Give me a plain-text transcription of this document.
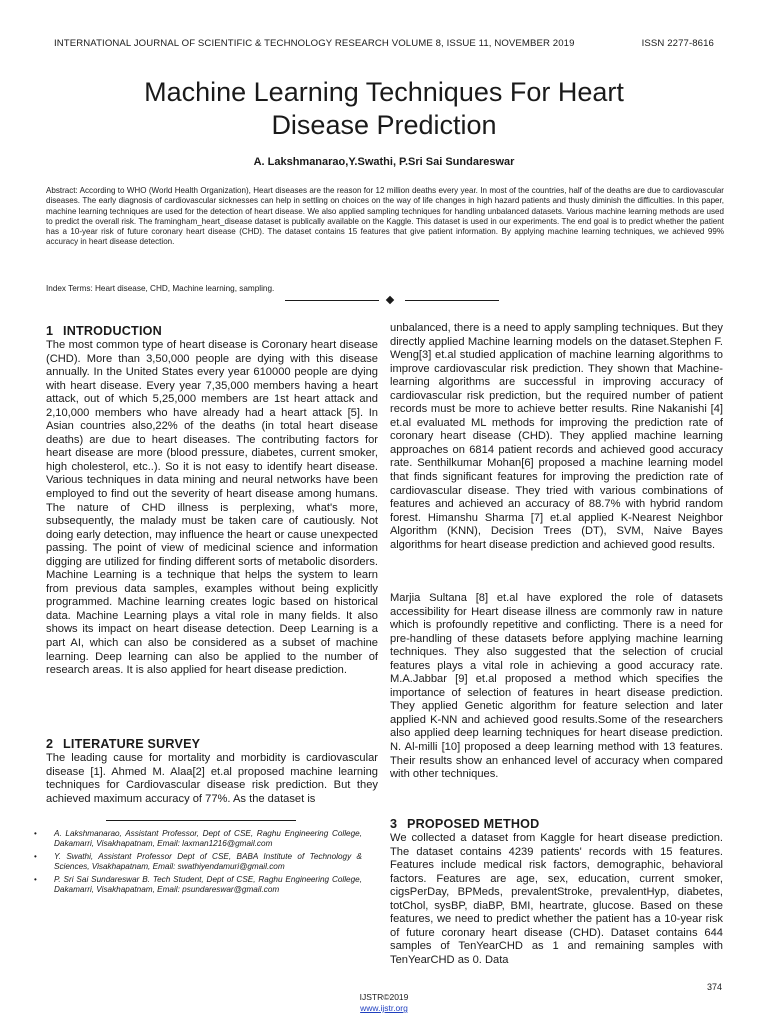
INTERNATIONAL JOURNAL OF SCIENTIFIC & TECHNOLOGY RESEARCH VOLUME 8, ISSUE 11, NOVEMBER 2019	ISSN 2277-8616
Machine Learning Techniques For Heart
Disease Prediction
A. Lakshmanarao,Y.Swathi, P.Sri Sai Sundareswar

Abstract: According to WHO (World Health Organization), Heart diseases are the reason for 12 million deaths every year. In most of the countries, half of the deaths are due to cardiovascular diseases. The early diagnosis of cardiovascular sicknesses can help in settling on choices on the way of life changes in high hazard patients and thusly diminish the difficulties. In this paper, machine learning techniques are used for the detection of heart disease. We also applied sampling techniques for handling unbalanced datasets. Various machine learning methods are used to predict the overall risk. The framingham_heart_disease dataset is publically available on the Kaggle. This dataset is used in our experiments. The end goal is to predict whether the patient has a 10-year risk of future coronary heart disease (CHD). The dataset contains 15 features that give patient information. By applying machine learning techniques, we achieved 99% accuracy in heart disease detection.

Index Terms: Heart disease, CHD, Machine learning, sampling.

1 INTRODUCTION

The most common type of heart disease is Coronary heart disease (CHD). More than 3,50,000 people are dying with this disease annually. In the United States every year 610000 people are dying with heart disease. Every year 7,35,000 members having a heart attack, out of which 5,25,000 members are 1st heart attack and 2,10,000 members who have already had a heart attack [5]. In Asian countries also,22% of the deaths (in total heart disease deaths) are due to heart diseases. The contributing factors for heart disease are more (blood pressure, diabetes, current smoker, high cholesterol, etc..). So it is not easy to identify heart disease. Various techniques in data mining and neural networks have been employed to find out the severity of heart disease among humans. The nature of CHD illness is perplexing, what's more, subsequently, the malady must be taken care of cautiously. Not doing early detection, may influence the heart or cause unexpected passing. The point of view of medicinal science and information digging are utilized for finding different sorts of metabolic disorders. Machine Learning is a technique that helps the system to learn from previous data samples, examples without being explicitly programmed. Machine learning creates logic based on historical data. Machine Learning plays a vital role in many fields. It also shows its impact on heart disease detection. Deep Learning is a part AI, which can also be considered as a subset of machine learning. Deep learning can also be applied to the number of research areas. It is also applied for heart disease prediction.

2 LITERATURE SURVEY

The leading cause for mortality and morbidity is cardiovascular disease [1]. Ahmed M. Alaa[2] et.al proposed machine learning techniques for Cardiovascular disease risk prediction. But they achieved maximum accuracy of 77%. As the dataset is

• A. Lakshmanarao, Assistant Professor, Dept of CSE, Raghu Engineering College, Dakamarri, Visakhapatnam, Email: laxman1216@gmail.com
• Y. Swathi, Assistant Professor Dept of CSE, BABA Institute of Technology & Sciences, Visakhapatnam, Email: swathiyendamuri@gmail.com
• P. Sri Sai Sundareswar B. Tech Student, Dept of CSE, Raghu Engineering College, Dakamarri, Visakhapatnam, Email: psundareswar@gmail.com

unbalanced, there is a need to apply sampling techniques. But they directly applied Machine learning models on the dataset.Stephen F. Weng[3] et.al studied application of machine learning algorithms to improve cardiovascular risk prediction. They shown that Machine-learning algorithms are successful in improving accuracy of cardiovascular risk prediction, but the required number of patient records must be more to achieve better results. Rine Nakanishi [4] et.al evaluated ML methods for improving the prediction rate of coronary heart disease (CHD). They applied machine learning approaches on 6814 patient records and achieved good accuracy rate. Senthilkumar Mohan[6] proposed a machine learning model that finds significant features for improving the prediction rate of cardiovascular disease. They tried with various combinations of features and achieved an accuracy of 88.7% with hybrid random forest. Himanshu Sharma [7] et.al applied K-Nearest Neighbor Algorithm (KNN), Decision Trees (DT), SVM, Naive Bayes algorithms for heart disease prediction and achieved good results.

Marjia Sultana [8] et.al have explored the role of datasets accessibility for Heart disease illness are commonly raw in nature which is profoundly repetitive and conflicting. There is a need for pre-handling of these datasets before applying machine learning techniques. They also suggested that the selection of crucial features plays a vital role in achieving a good accuracy rate. M.A.Jabbar [9] et.al proposed a method which specifies the importance of selection of features in heart disease prediction. They applied Genetic algorithm for feature selection and later applied K-NN and achieved good results.Some of the researchers also applied deep learning techniques for heart disease prediction. N. Al-milli [10] proposed a deep learning method with 13 features. Their results show an enhanced level of accuracy when compared with other techniques.

3 PROPOSED METHOD

We collected a dataset from Kaggle for heart disease prediction. The dataset contains 4239 patients' records with 15 features. Features include medical risk factors, demographic, behavioral factors. Features are age, sex, education, current smoker, cigsPerDay, BPMeds, prevalentStroke, prevalentHyp, diabetes, totChol, sysBP, diaBP, BMI, heartrate, glucose. Based on these features, we need to predict whether the patient has a 10-year risk of future coronary heart disease (CHD). Dataset contains 644 samples of TenYearCHD as 1 and remaining samples with TenYearCHD as 0. Data

374
IJSTR©2019
www.ijstr.org
